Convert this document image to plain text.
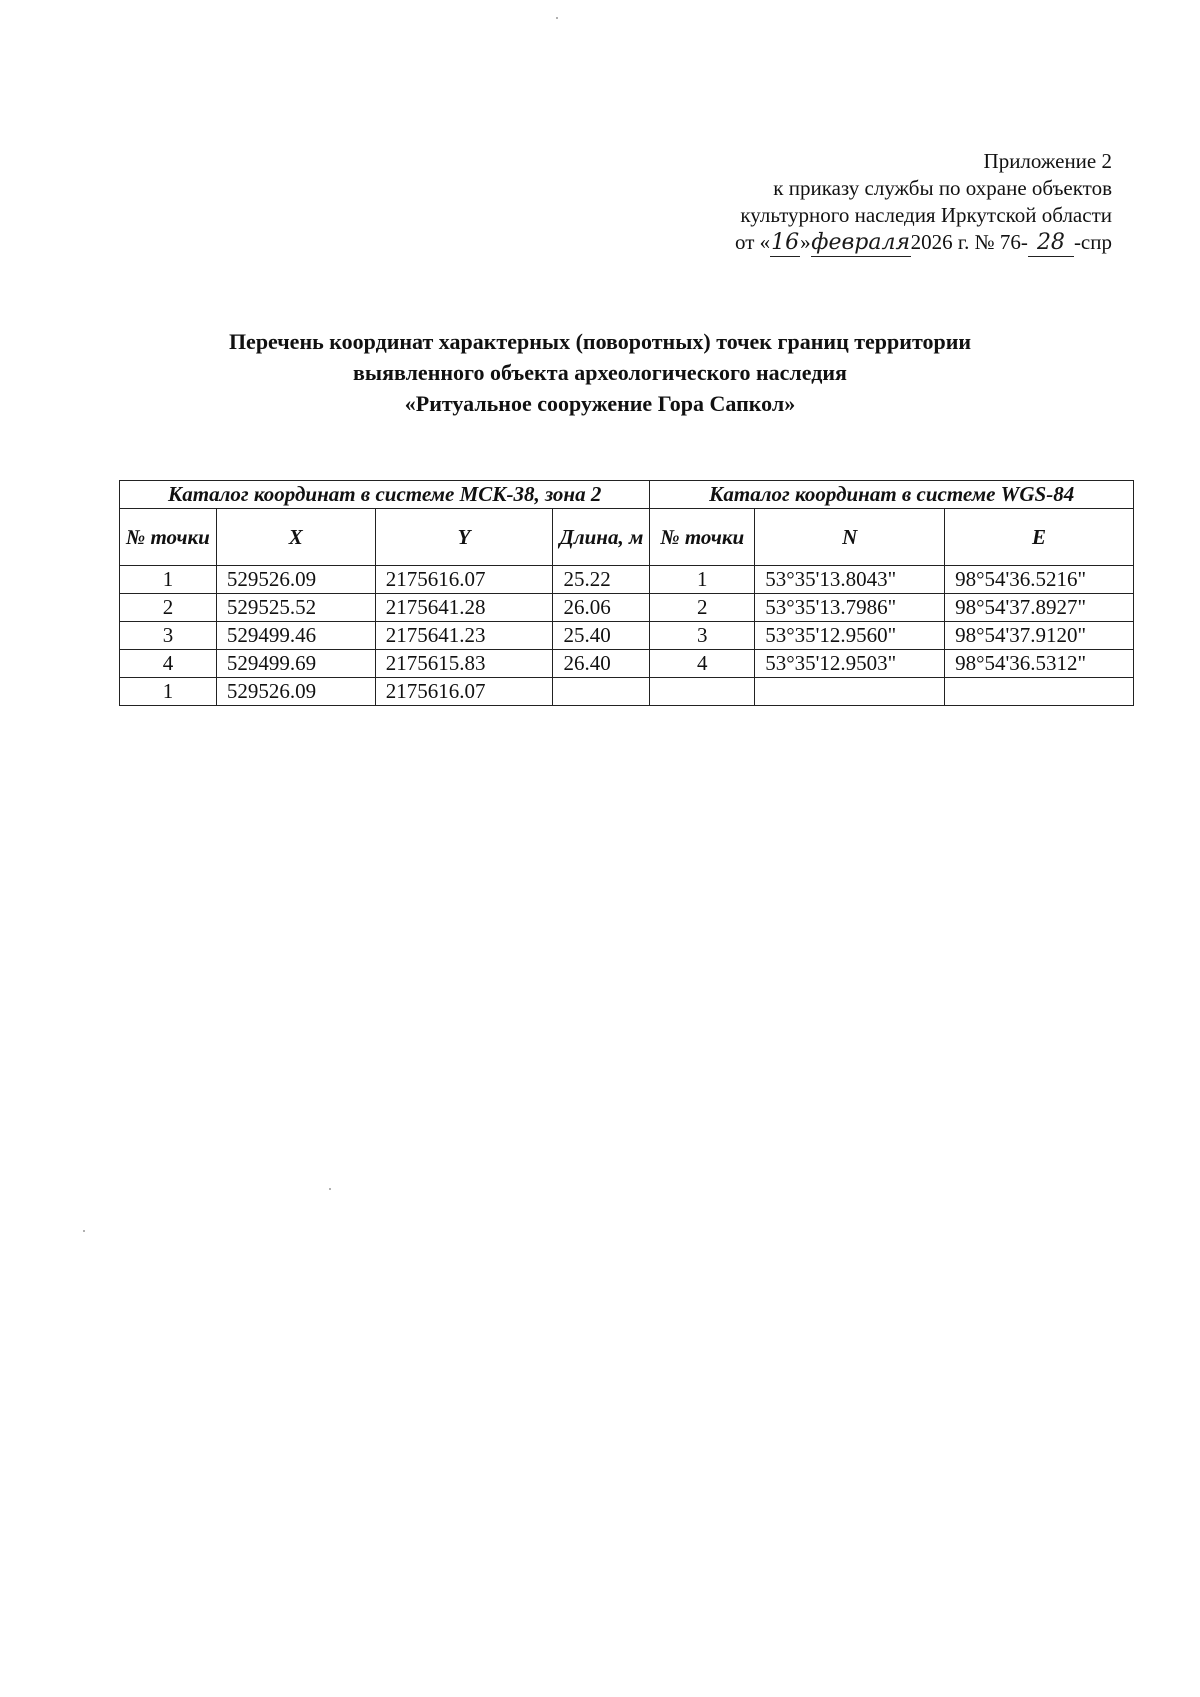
Приложение 2
к приказу службы по охране объектов
культурного наследия Иркутской области
от «16»февраля2026 г. № 76- 28 -спр
Перечень координат характерных (поворотных) точек границ территории
выявленного объекта археологического наследия
«Ритуальное сооружение Гора Сапкол»
Каталог координат в системе МСК-38, зона 2				Каталог координат в системе WGS-84		
№ точки	X	Y	Длина, м	№ точки	N	E
1	529526.09	2175616.07	25.22	1	53°35'13.8043"	98°54'36.5216"
2	529525.52	2175641.28	26.06	2	53°35'13.7986"	98°54'37.8927"
3	529499.46	2175641.23	25.40	3	53°35'12.9560"	98°54'37.9120"
4	529499.69	2175615.83	26.40	4	53°35'12.9503"	98°54'36.5312"
1	529526.09	2175616.07				
